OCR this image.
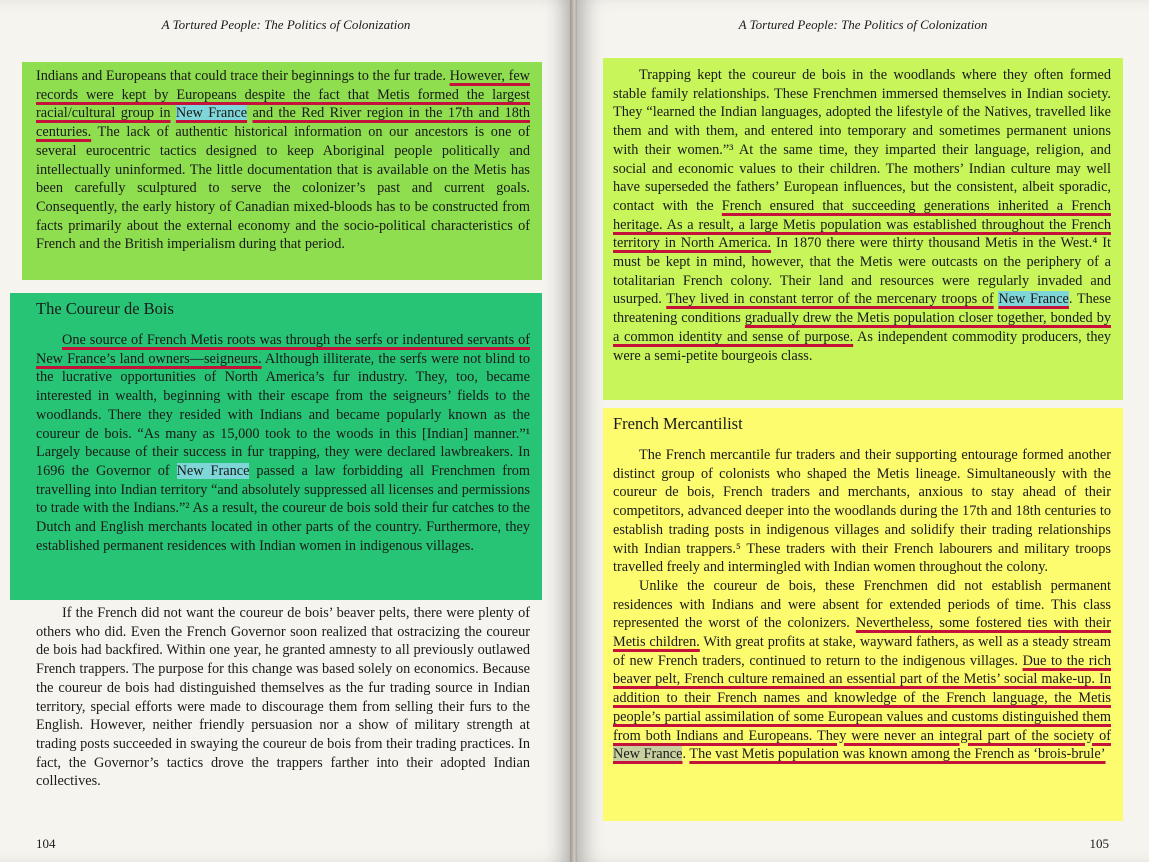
A Tortured People: The Politics of Colonization

Indians and Europeans that could trace their beginnings to the fur trade. However, few records were kept by Europeans despite the fact that Metis formed the largest racial/cultural group in New France and the Red River region in the 17th and 18th centuries. The lack of authentic historical information on our ancestors is one of several eurocentric tactics designed to keep Aboriginal people politically and intellectually uninformed. The little documentation that is available on the Metis has been carefully sculptured to serve the colonizer’s past and current goals. Consequently, the early history of Canadian mixed-bloods has to be constructed from facts primarily about the external economy and the socio-political characteristics of French and the British imperialism during that period.

The Coureur de Bois

One source of French Metis roots was through the serfs or indentured servants of New France’s land owners—seigneurs. Although illiterate, the serfs were not blind to the lucrative opportunities of North America’s fur industry. They, too, became interested in wealth, beginning with their escape from the seigneurs’ fields to the woodlands. There they resided with Indians and became popularly known as the coureur de bois. “As many as 15,000 took to the woods in this [Indian] manner.”¹ Largely because of their success in fur trapping, they were declared lawbreakers. In 1696 the Governor of New France passed a law forbidding all Frenchmen from travelling into Indian territory “and absolutely suppressed all licenses and permissions to trade with the Indians.”² As a result, the coureur de bois sold their fur catches to the Dutch and English merchants located in other parts of the country. Furthermore, they established permanent residences with Indian women in indigenous villages.

If the French did not want the coureur de bois’ beaver pelts, there were plenty of others who did. Even the French Governor soon realized that ostracizing the coureur de bois had backfired. Within one year, he granted amnesty to all previously outlawed French trappers. The purpose for this change was based solely on economics. Because the coureur de bois had distinguished themselves as the fur trading source in Indian territory, special efforts were made to discourage them from selling their furs to the English. However, neither friendly persuasion nor a show of military strength at trading posts succeeded in swaying the coureur de bois from their trading practices. In fact, the Governor’s tactics drove the trappers farther into their adopted Indian collectives.

104
A Tortured People: The Politics of Colonization

Trapping kept the coureur de bois in the woodlands where they often formed stable family relationships. These Frenchmen immersed themselves in Indian society. They “learned the Indian languages, adopted the lifestyle of the Natives, travelled like them and with them, and entered into temporary and sometimes permanent unions with their women.”³ At the same time, they imparted their language, religion, and social and economic values to their children. The mothers’ Indian culture may well have superseded the fathers’ European influences, but the consistent, albeit sporadic, contact with the French ensured that succeeding generations inherited a French heritage. As a result, a large Metis population was established throughout the French territory in North America. In 1870 there were thirty thousand Metis in the West.⁴ It must be kept in mind, however, that the Metis were outcasts on the periphery of a totalitarian French colony. Their land and resources were regularly invaded and usurped. They lived in constant terror of the mercenary troops of New France. These threatening conditions gradually drew the Metis population closer together, bonded by a common identity and sense of purpose. As independent commodity producers, they were a semi-petite bourgeois class.

French Mercantilist

The French mercantile fur traders and their supporting entourage formed another distinct group of colonists who shaped the Metis lineage. Simultaneously with the coureur de bois, French traders and merchants, anxious to stay ahead of their competitors, advanced deeper into the woodlands during the 17th and 18th centuries to establish trading posts in indigenous villages and solidify their trading relationships with Indian trappers.⁵ These traders with their French labourers and military troops travelled freely and intermingled with Indian women throughout the colony.

Unlike the coureur de bois, these Frenchmen did not establish permanent residences with Indians and were absent for extended periods of time. This class represented the worst of the colonizers. Nevertheless, some fostered ties with their Metis children. With great profits at stake, wayward fathers, as well as a steady stream of new French traders, continued to return to the indigenous villages. Due to the rich beaver pelt, French culture remained an essential part of the Metis’ social make-up. In addition to their French names and knowledge of the French language, the Metis people’s partial assimilation of some European values and customs distinguished them from both Indians and Europeans. They were never an integral part of the society of New France. The vast Metis population was known among the French as ‘brois-brule’

105
